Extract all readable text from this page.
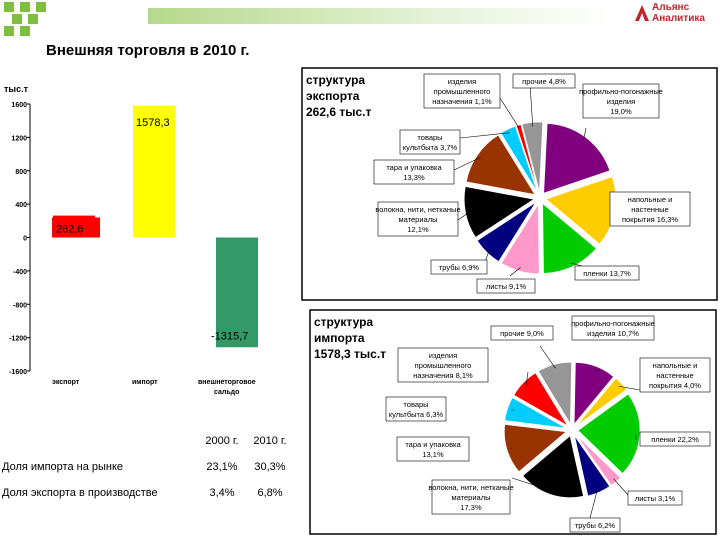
Альянс
Аналитика
Внешняя торговля в 2010 г.
тыс.т
1600
1200
800
400
0
-400
-800
-1200
-1600
262,6
1578,3
-1315,7
экспорт	импорт	внешнеторговое сальдо
структура экспорта 262,6 тыс.т
профильно-погонажные изделия 19,0%
напольные и настенные покрытия 16,3%
пленки 13,7%
листы 9,1%
трубы 6,9%
волокна, нити, нетканые материалы 12,1%
тара и упаковка 13,3%
товары культбыта 3,7%
изделия промышленного назначения 1,1%
прочие 4,8%
структура импорта 1578,3 тыс.т
профильно-погонажные изделия 10,7%
напольные и настенные покрытия 4,0%
пленки 22,2%
листы 3,1%
трубы 6,2%
волокна, нити, нетканые материалы 17,3%
тара и упаковка 13,1%
товары культбыта 6,3%
изделия промышленного назначения 8,1%
прочие 9,0%
	2000 г.	2010 г.
Доля импорта на рынке	23,1%	30,3%
Доля экспорта в производстве	3,4%	6,8%
